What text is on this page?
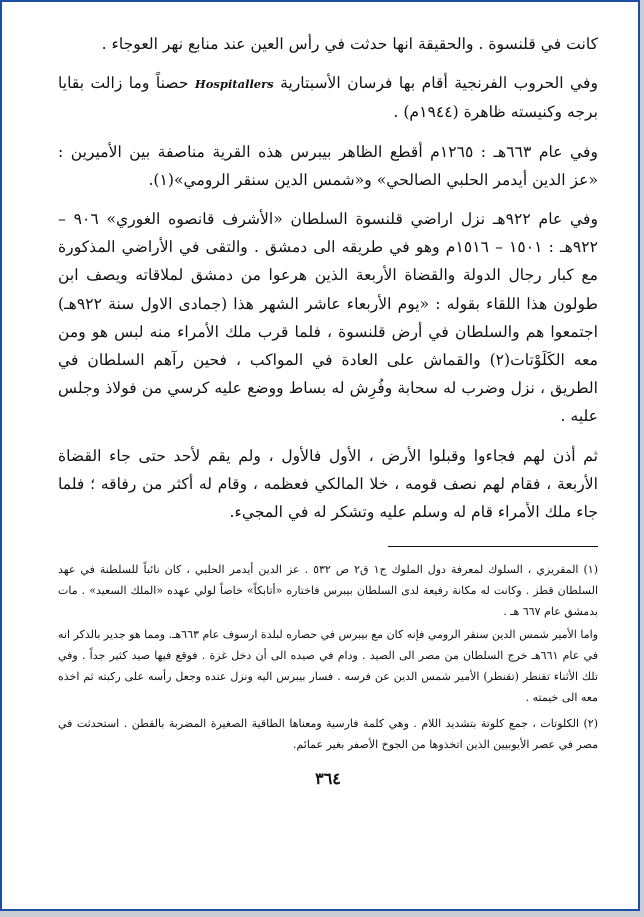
كانت في قلنسوة . والحقيقة انها حدثت في رأس العين عند منابع نهر العوجاء .

وفي الحروب الفرنجية أقام بها فرسان الأسبتارية Hospitallers حصناً وما زالت بقايا برجه وكنيسته ظاهرة (١٩٤٤م) .

وفي عام ٦٦٣هـ : ١٢٦٥م أقطع الظاهر بيبرس هذه القرية مناصفة بين الأميرين : «عز الدين أيدمر الحلبي الصالحي» و«شمس الدين سنقر الرومي»(١).

وفي عام ٩٢٢هـ نزل اراضي قلنسوة السلطان «الأشرف قانصوه الغوري» ٩٠٦ – ٩٢٢هـ : ١٥٠١ – ١٥١٦م وهو في طريقه الى دمشق . والتقى في الأراضي المذكورة مع كبار رجال الدولة والقضاة الأربعة الذين هرعوا من دمشق لملاقاته ويصف ابن طولون هذا اللقاء بقوله : «يوم الأربعاء عاشر الشهر هذا (جمادى الاول سنة ٩٢٢هـ) اجتمعوا هم والسلطان في أرض قلنسوة ، فلما قرب ملك الأمراء منه لبس هو ومن معه الكَلَوْتات(٢) والقماش على العادة في المواكب ، فحين رآهم السلطان في الطريق ، نزل وضرب له سحابة وفُرِش له بساط ووضع عليه كرسي من فولاذ وجلس عليه .

ثم أذن لهم فجاءوا وقبلوا الأرض ، الأول فالأول ، ولم يقم لأحد حتى جاء القضاة الأربعة ، فقام لهم نصف قومه ، خلا المالكي فعظمه ، وقام له أكثر من رفاقه ؛ فلما جاء ملك الأمراء قام له وسلم عليه وتشكر له في المجيء.

(١) المقريزي ، السلوك لمعرفة دول الملوك ج١ ق٢ ص ٥٣٢ . عز الدين أيدمر الحلبي ، كان نائباً للسلطنة في عهد السلطان قطز . وكانت له مكانة رفيعة لدى السلطان بيبرس فاختاره «أتابكاً» خاصاً لولي عهده «الملك السعيد» . مات بدمشق عام ٦٦٧ هـ .

واما الأمير شمس الدين سنقر الرومي فإنه كان مع بيبرس في حصاره لبلدة ارسوف عام ٦٦٣هـ. ومما هو جدير بالذكر انه في عام ٦٦١هـ خرج السلطان من مصر الى الصيد . ودام في صيده الى أن دخل غزة . فوقع فيها صيد كثير جداً . وفي تلك الأثناء تقنطر (تقنطر) الأمير شمس الدين عن فرسه . فسار بيبرس اليه ونزل عنده وجعل رأسه على ركبته ثم اخذه معه الى خيمته .

(٢) الكلوتات ، جمع كلوتة بتشديد اللام . وهي كلمة فارسية ومعناها الطاقية الصغيرة المضربة بالقطن . استحدثت في مصر في عصر الأيوبيين الذين اتخذوها من الجوخ الأصفر بغير عمائم.

٣٦٤
